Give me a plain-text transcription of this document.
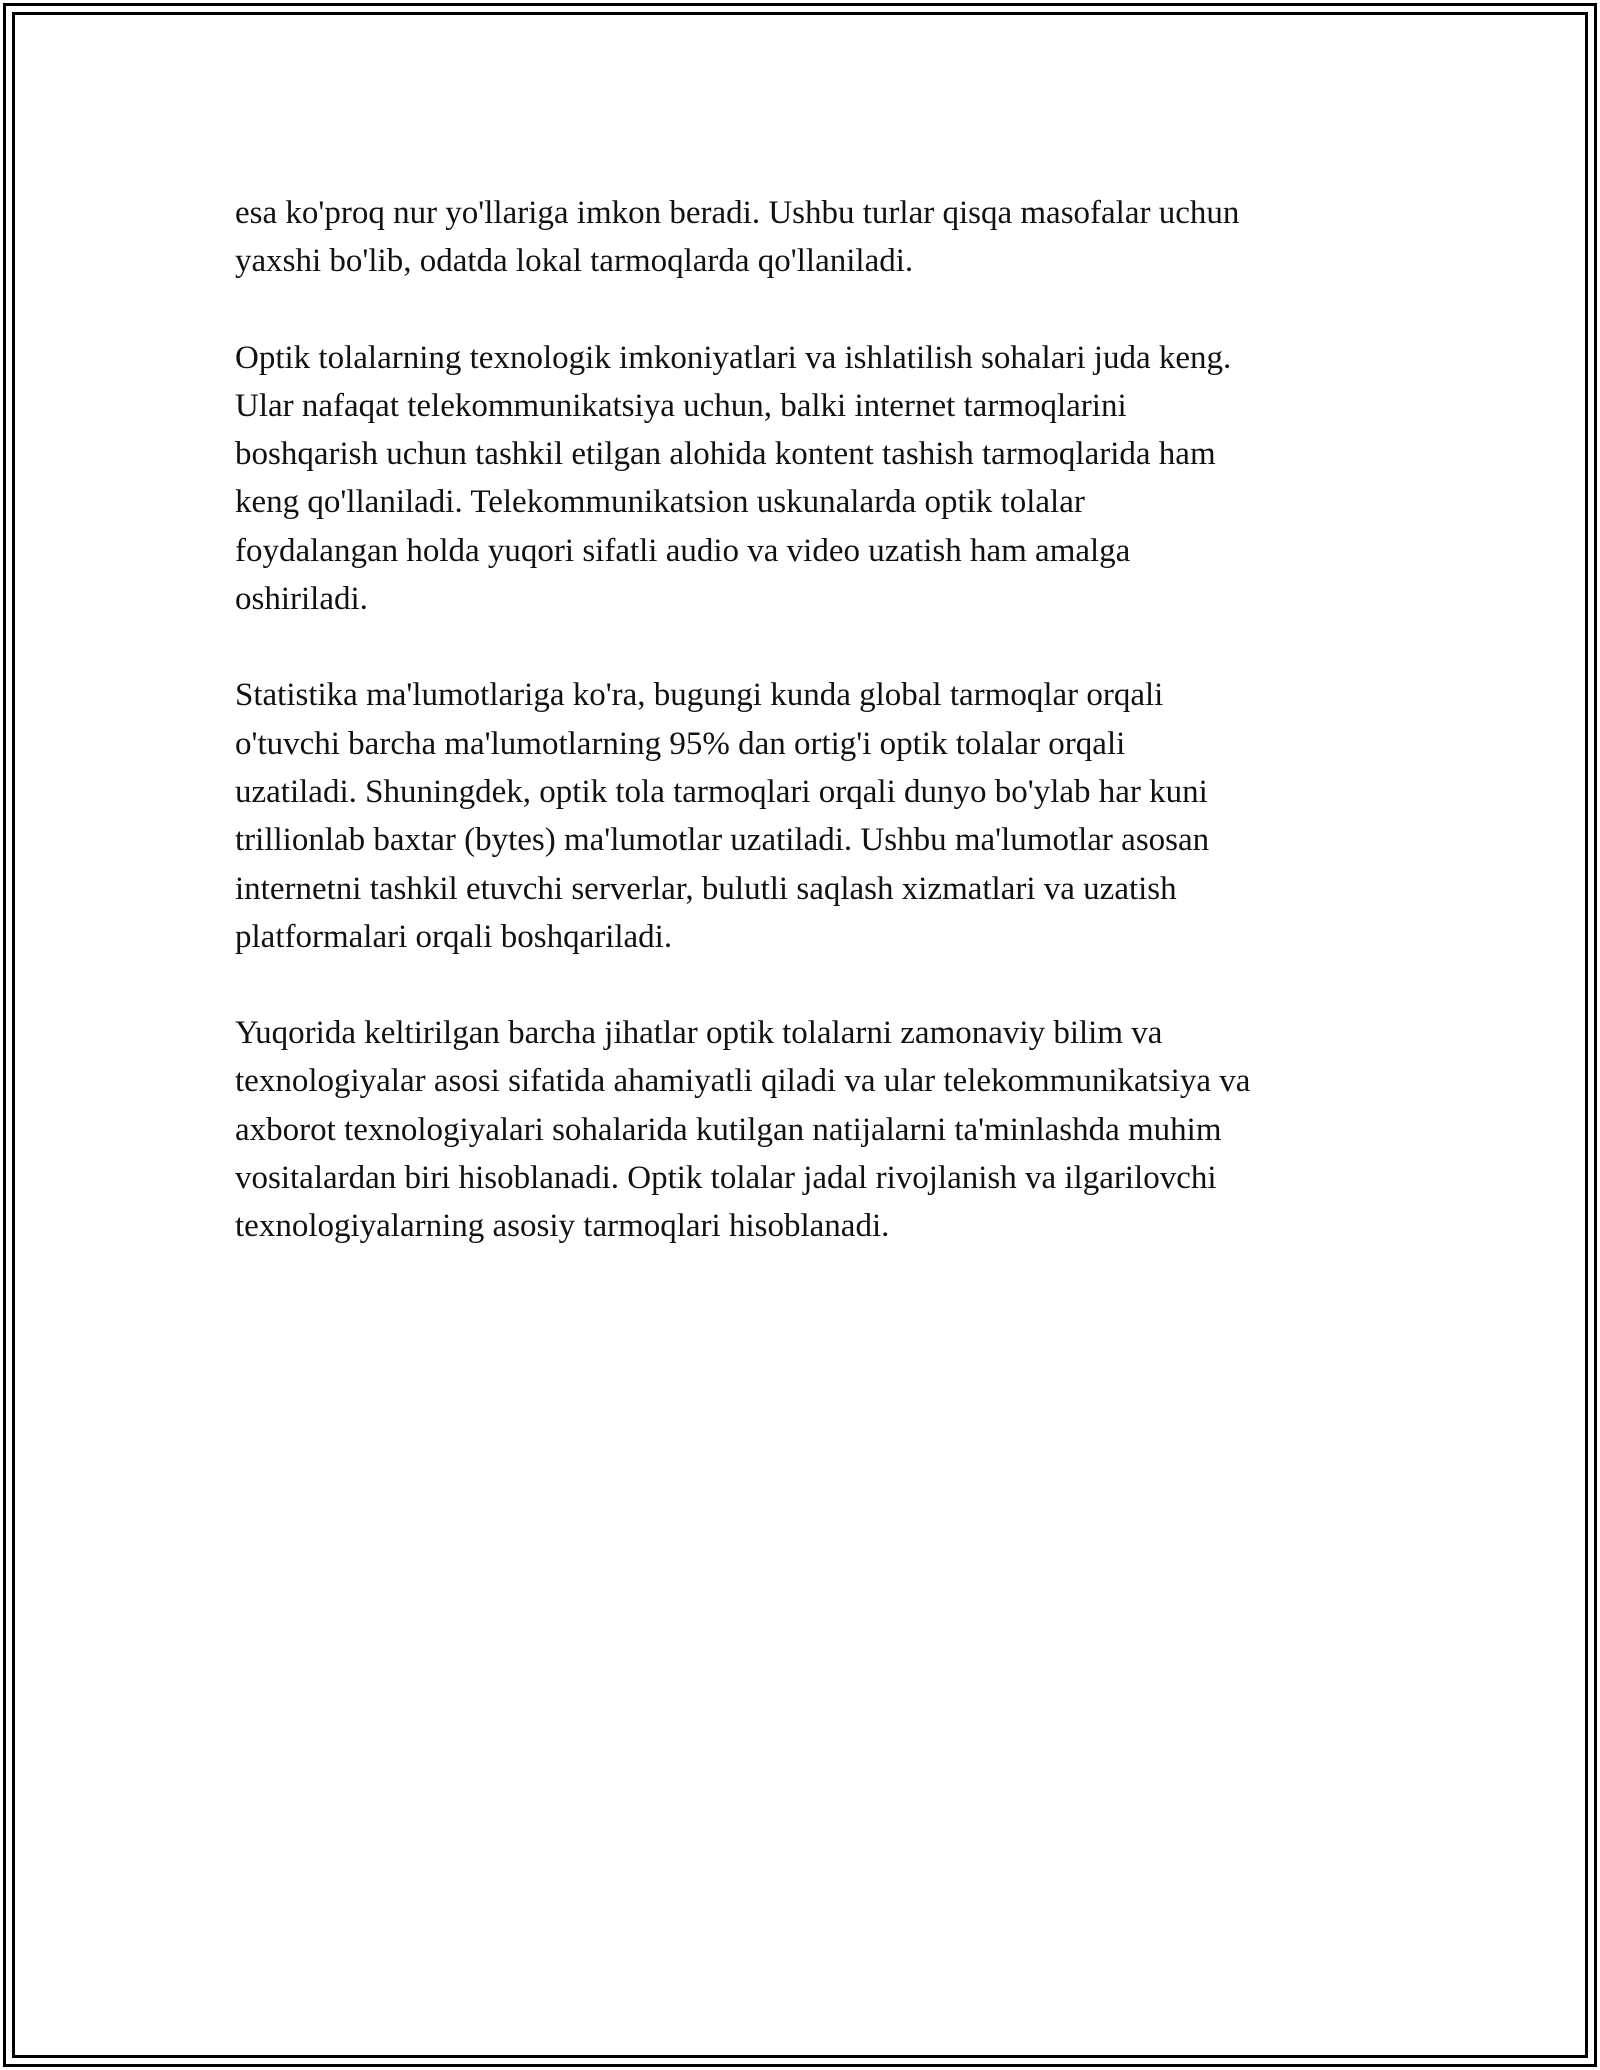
esa ko'proq nur yo'llariga imkon beradi. Ushbu turlar qisqa masofalar uchun
yaxshi bo'lib, odatda lokal tarmoqlarda qo'llaniladi.

Optik tolalarning texnologik imkoniyatlari va ishlatilish sohalari juda keng.
Ular nafaqat telekommunikatsiya uchun, balki internet tarmoqlarini
boshqarish uchun tashkil etilgan alohida kontent tashish tarmoqlarida ham
keng qo'llaniladi. Telekommunikatsion uskunalarda optik tolalar
foydalangan holda yuqori sifatli audio va video uzatish ham amalga
oshiriladi.

Statistika ma'lumotlariga ko'ra, bugungi kunda global tarmoqlar orqali
o'tuvchi barcha ma'lumotlarning 95% dan ortig'i optik tolalar orqali
uzatiladi. Shuningdek, optik tola tarmoqlari orqali dunyo bo'ylab har kuni
trillionlab baxtar (bytes) ma'lumotlar uzatiladi. Ushbu ma'lumotlar asosan
internetni tashkil etuvchi serverlar, bulutli saqlash xizmatlari va uzatish
platformalari orqali boshqariladi.

Yuqorida keltirilgan barcha jihatlar optik tolalarni zamonaviy bilim va
texnologiyalar asosi sifatida ahamiyatli qiladi va ular telekommunikatsiya va
axborot texnologiyalari sohalarida kutilgan natijalarni ta'minlashda muhim
vositalardan biri hisoblanadi. Optik tolalar jadal rivojlanish va ilgarilovchi
texnologiyalarning asosiy tarmoqlari hisoblanadi.
